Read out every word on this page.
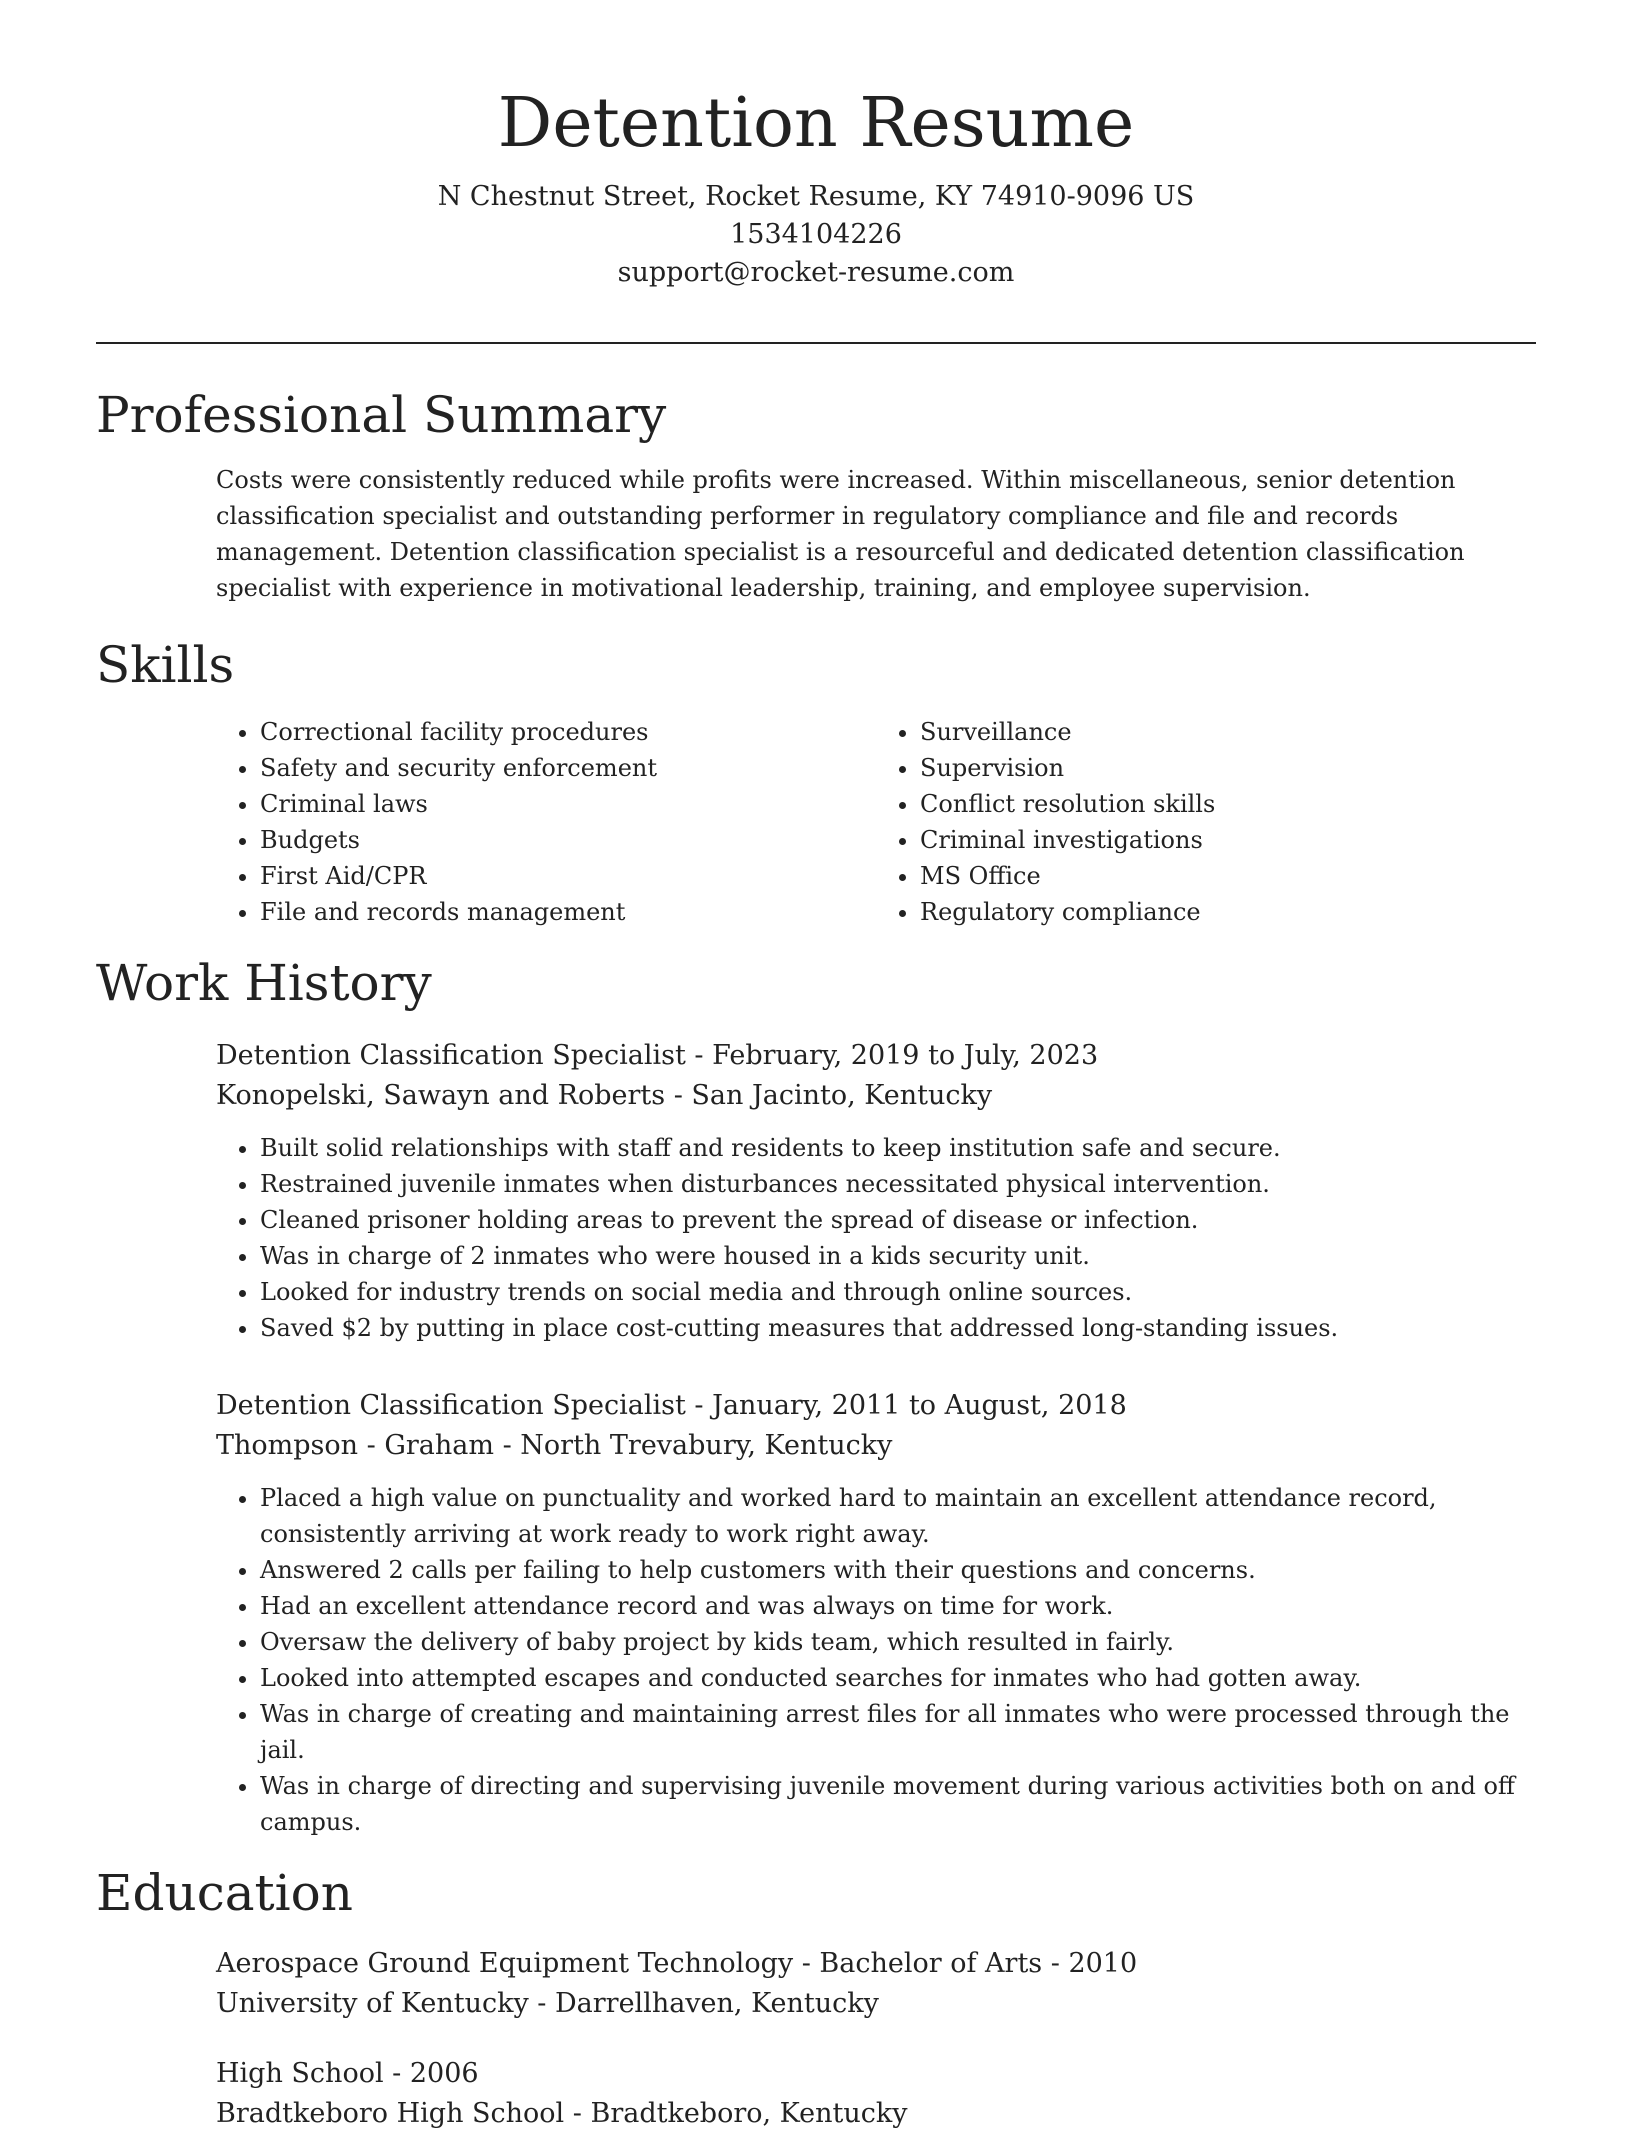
Detention Resume
N Chestnut Street, Rocket Resume, KY 74910-9096 US
1534104226
support@rocket-resume.com
Professional Summary
Costs were consistently reduced while profits were increased. Within miscellaneous, senior detention classification specialist and outstanding performer in regulatory compliance and file and records management. Detention classification specialist is a resourceful and dedicated detention classification specialist with experience in motivational leadership, training, and employee supervision.
Skills
• Correctional facility procedures
• Safety and security enforcement
• Criminal laws
• Budgets
• First Aid/CPR
• File and records management
• Surveillance
• Supervision
• Conflict resolution skills
• Criminal investigations
• MS Office
• Regulatory compliance
Work History
Detention Classification Specialist - February, 2019 to July, 2023
Konopelski, Sawayn and Roberts - San Jacinto, Kentucky
• Built solid relationships with staff and residents to keep institution safe and secure.
• Restrained juvenile inmates when disturbances necessitated physical intervention.
• Cleaned prisoner holding areas to prevent the spread of disease or infection.
• Was in charge of 2 inmates who were housed in a kids security unit.
• Looked for industry trends on social media and through online sources.
• Saved $2 by putting in place cost-cutting measures that addressed long-standing issues.
Detention Classification Specialist - January, 2011 to August, 2018
Thompson - Graham - North Trevabury, Kentucky
• Placed a high value on punctuality and worked hard to maintain an excellent attendance record, consistently arriving at work ready to work right away.
• Answered 2 calls per failing to help customers with their questions and concerns.
• Had an excellent attendance record and was always on time for work.
• Oversaw the delivery of baby project by kids team, which resulted in fairly.
• Looked into attempted escapes and conducted searches for inmates who had gotten away.
• Was in charge of creating and maintaining arrest files for all inmates who were processed through the jail.
• Was in charge of directing and supervising juvenile movement during various activities both on and off campus.
Education
Aerospace Ground Equipment Technology - Bachelor of Arts - 2010
University of Kentucky - Darrellhaven, Kentucky
High School - 2006
Bradtkeboro High School - Bradtkeboro, Kentucky
